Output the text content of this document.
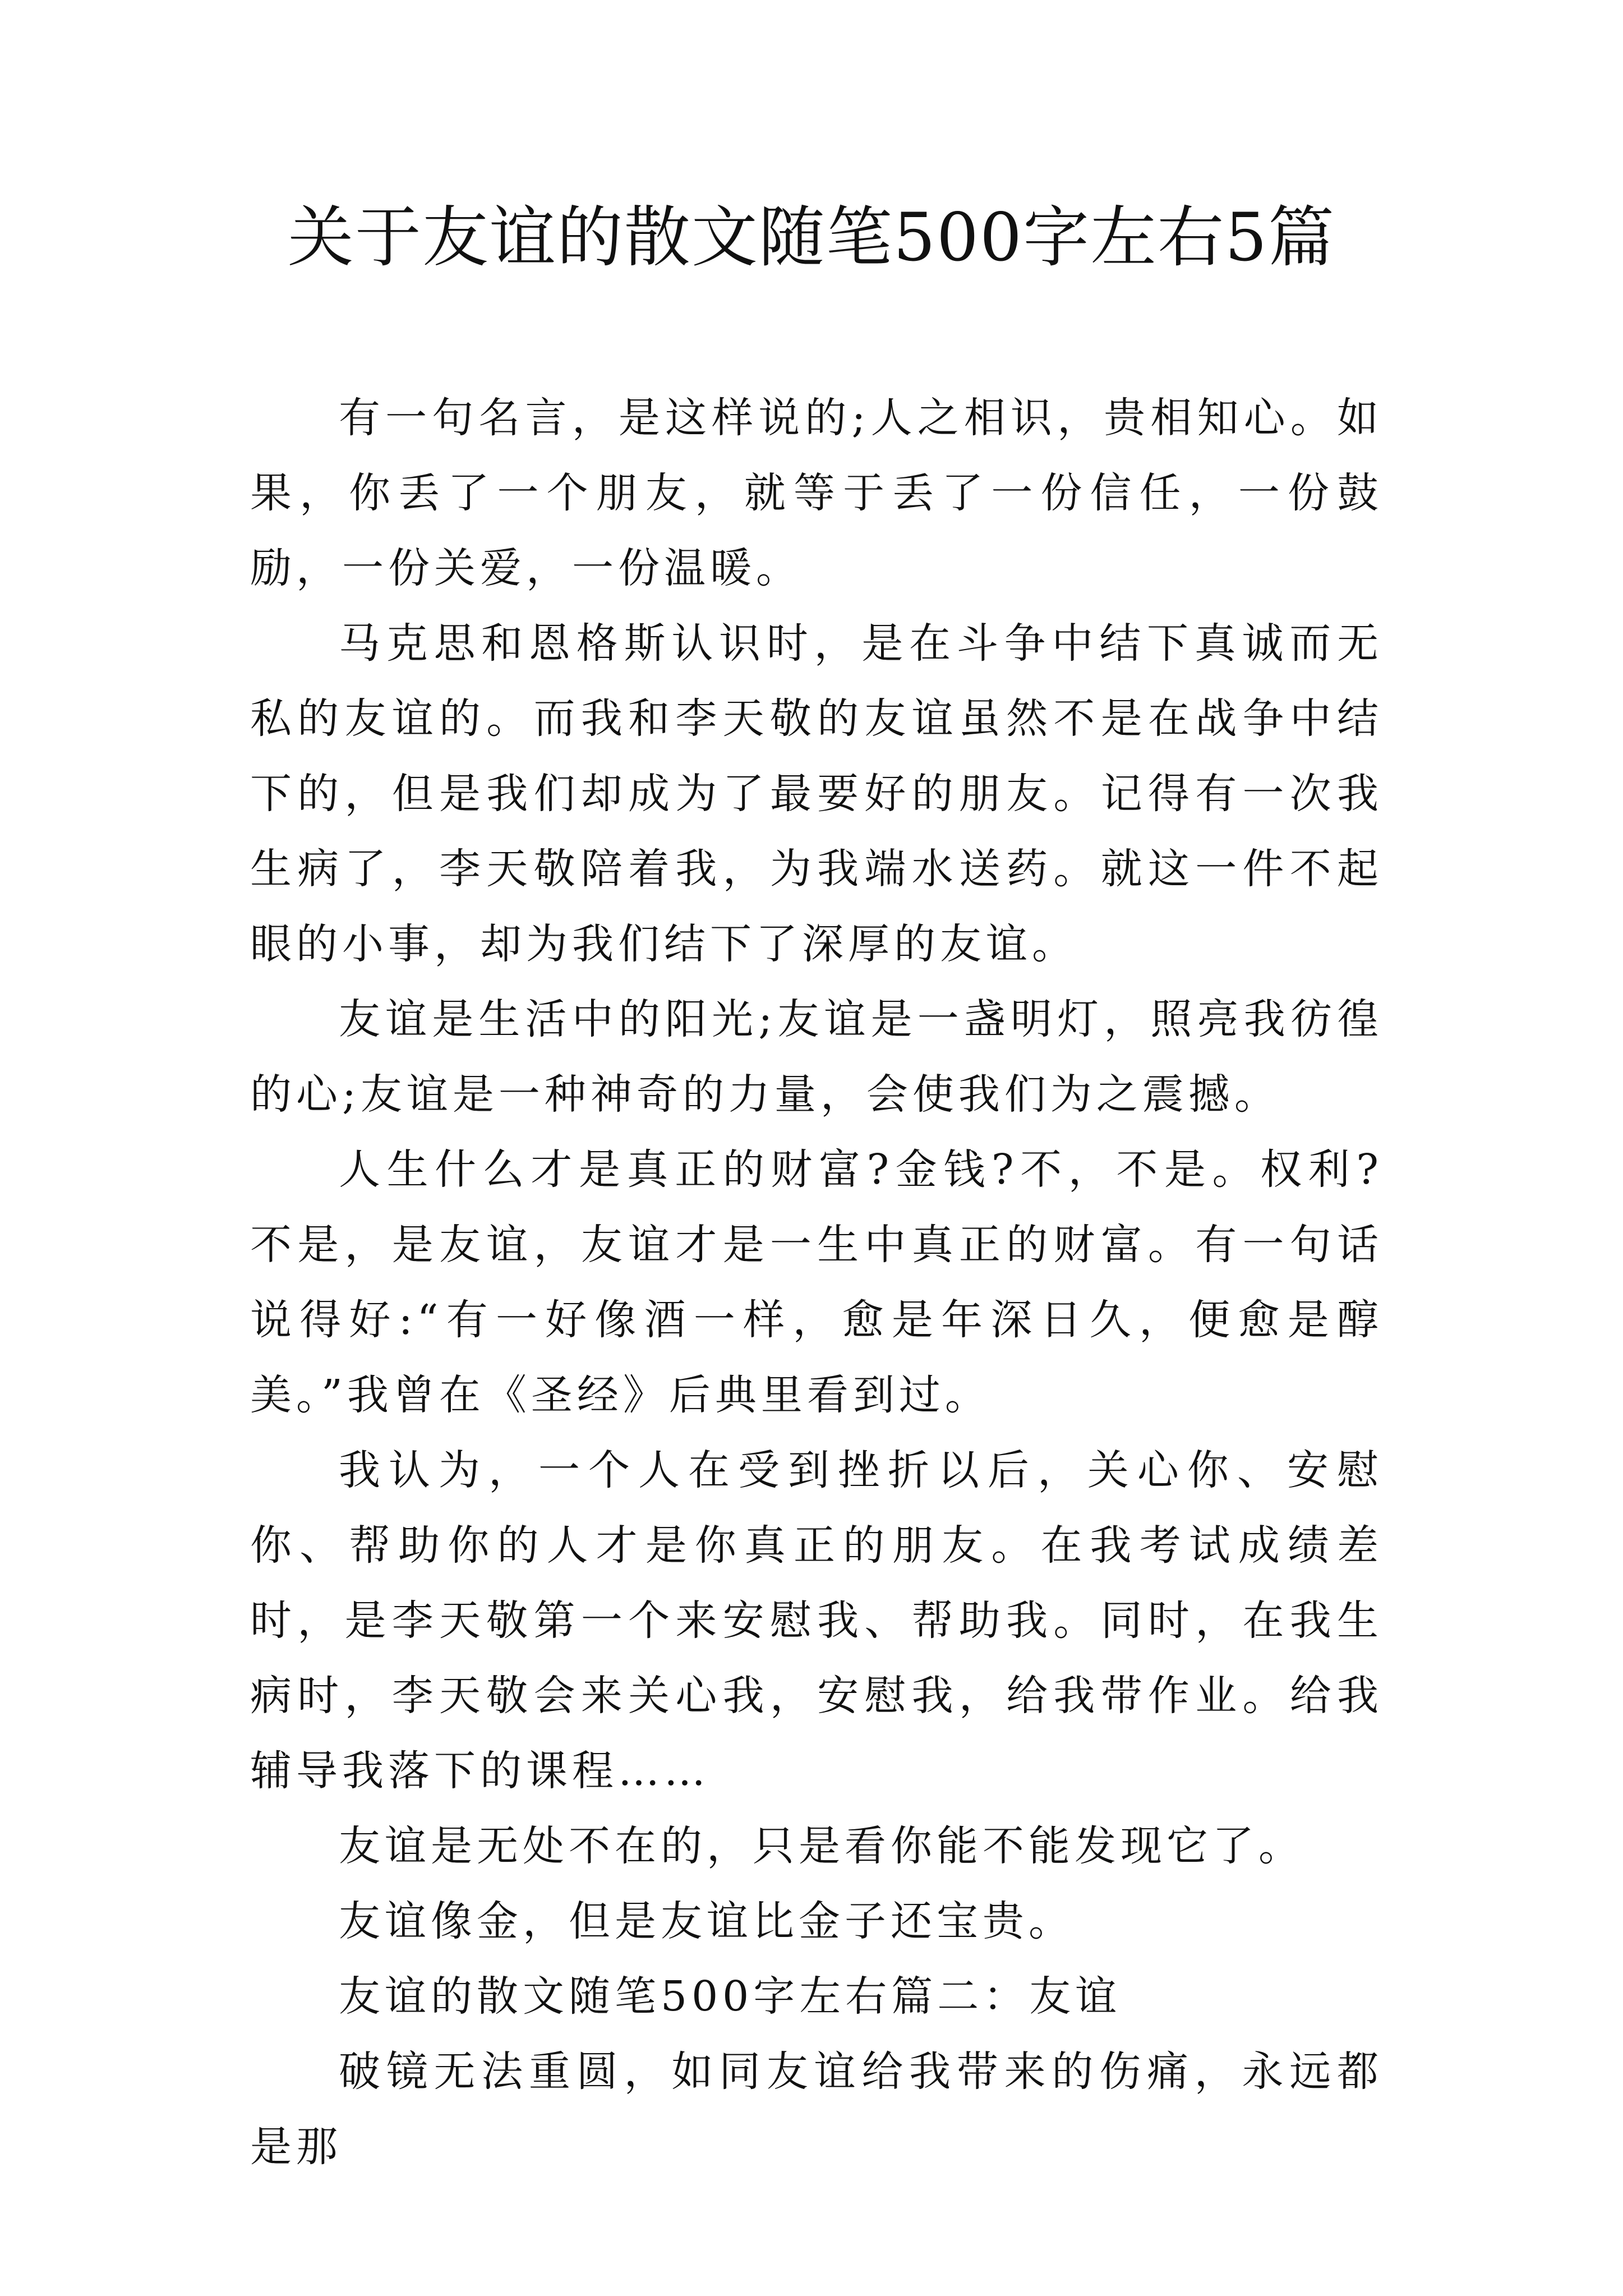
关于友谊的散文随笔500字左右5篇

有一句名言，是这样说的;人之相识，贵相知心。如果，你丢了一个朋友，就等于丢了一份信任，一份鼓励，一份关爱，一份温暖。

马克思和恩格斯认识时，是在斗争中结下真诚而无私的友谊的。而我和李天敬的友谊虽然不是在战争中结下的，但是我们却成为了最要好的朋友。记得有一次我生病了，李天敬陪着我，为我端水送药。就这一件不起眼的小事，却为我们结下了深厚的友谊。

友谊是生活中的阳光;友谊是一盏明灯，照亮我彷徨的心;友谊是一种神奇的力量，会使我们为之震撼。

人生什么才是真正的财富?金钱?不，不是。权利?不是，是友谊，友谊才是一生中真正的财富。有一句话说得好:“有一好像酒一样，愈是年深日久，便愈是醇美。”我曾在《圣经》后典里看到过。

我认为，一个人在受到挫折以后，关心你、安慰你、帮助你的人才是你真正的朋友。在我考试成绩差时，是李天敬第一个来安慰我、帮助我。同时，在我生病时，李天敬会来关心我，安慰我，给我带作业。给我辅导我落下的课程……

友谊是无处不在的，只是看你能不能发现它了。

友谊像金，但是友谊比金子还宝贵。

友谊的散文随笔500字左右篇二：友谊

破镜无法重圆，如同友谊给我带来的伤痛，永远都是那
